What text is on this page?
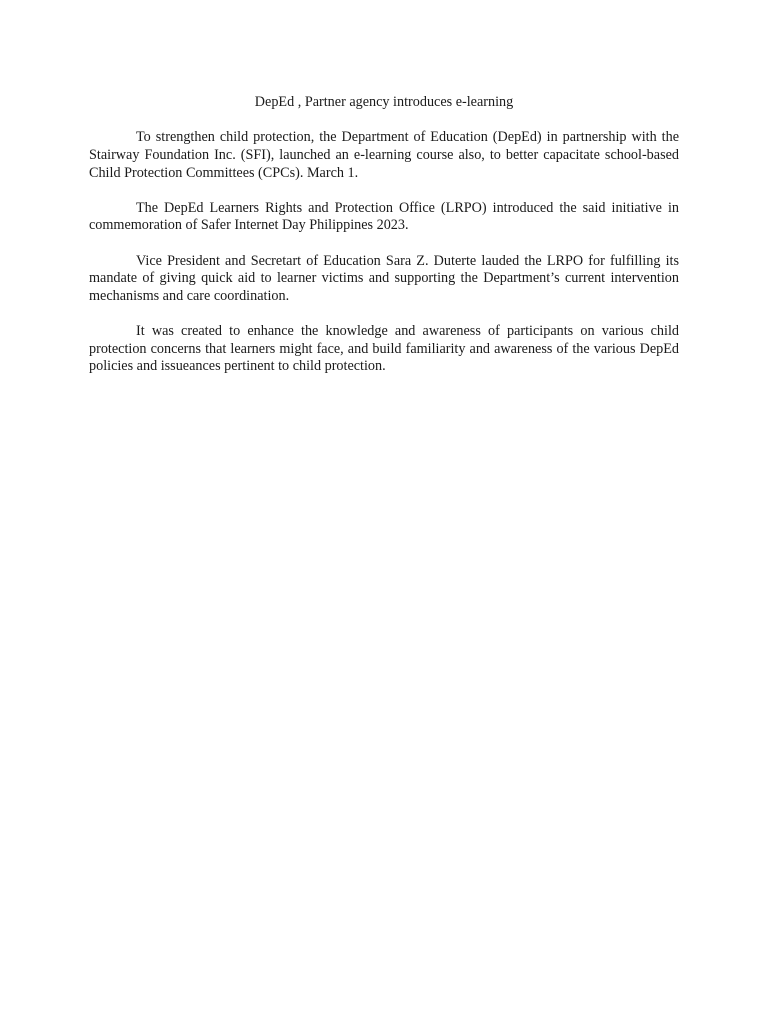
DepEd , Partner agency introduces e-learning

To strengthen child protection, the Department of Education (DepEd) in partnership with the Stairway Foundation Inc. (SFI), launched an e-learning course also, to better capacitate school-based Child Protection Committees (CPCs). March 1.

The DepEd Learners Rights and Protection Office (LRPO) introduced the said initiative in commemoration of Safer Internet Day Philippines 2023.

Vice President and Secretart of Education Sara Z. Duterte lauded the LRPO for fulfilling its mandate of giving quick aid to learner victims and supporting the Department’s current intervention mechanisms and care coordination.

It was created to enhance the knowledge and awareness of participants on various child protection concerns that learners might face, and build familiarity and awareness of the various DepEd policies and issueances pertinent to child protection.
